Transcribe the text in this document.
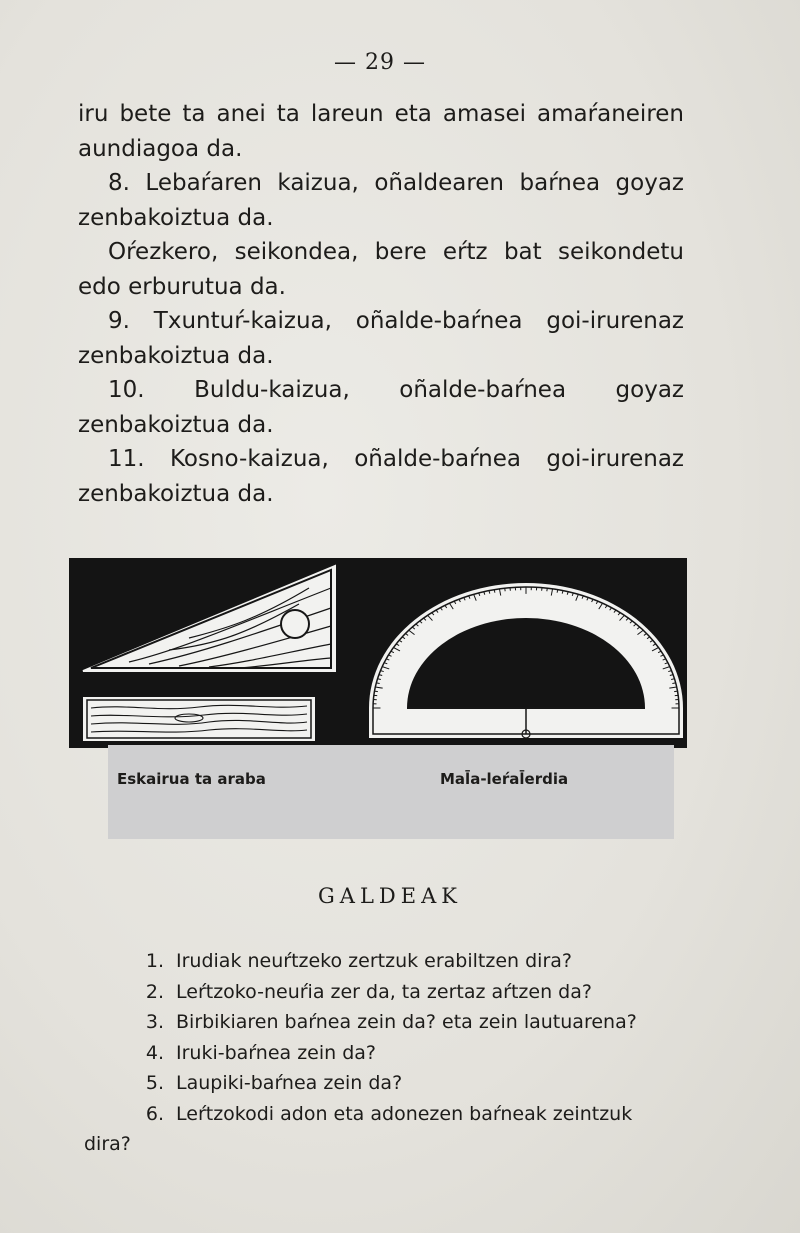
— 29 —

iru bete ta anei ta lareun eta amasei amaŕaneiren aundiagoa da.

8. Lebaŕaren kaizua, oñaldearen baŕnea goyaz zenbakoiztua da.

Oŕezkero, seikondea, bere eŕtz bat seikondetu edo erburutua da.

9. Txuntuŕ-kaizua, oñalde-baŕnea goi-irurenaz zenbakoiztua da.

10. Buldu-kaizua, oñalde-baŕnea goyaz zenbakoiztua da.

11. Kosno-kaizua, oñalde-baŕnea goi-irurenaz zenbakoiztua da.

Eskairua ta araba	Mal̄a-leŕal̄erdia
GALDEAK

1. Irudiak neuŕtzeko zertzuk erabiltzen dira?

2. Leŕtzoko-neuŕia zer da, ta zertaz aŕtzen da?

3. Birbikiaren baŕnea zein da? eta zein lautuarena?

4. Iruki-baŕnea zein da?

5. Laupiki-baŕnea zein da?

6. Leŕtzokodi adon eta adonezen baŕneak zeintzuk

dira?
